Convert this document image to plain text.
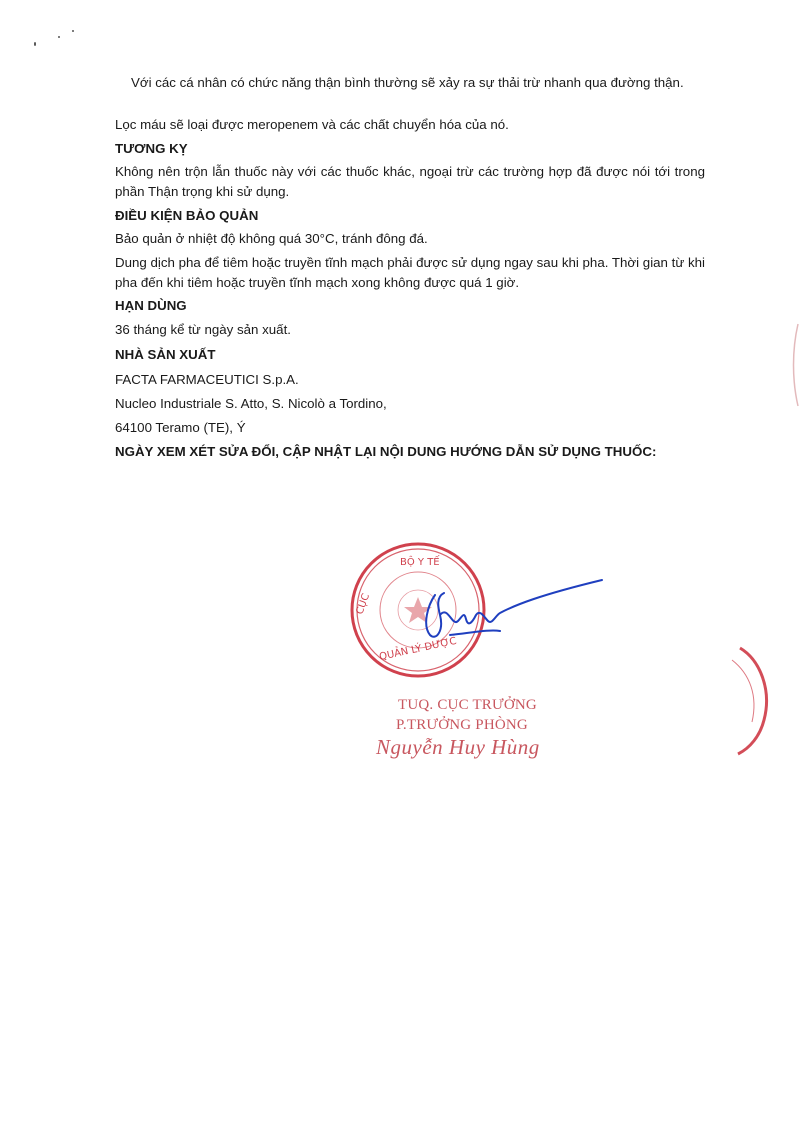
Với các cá nhân có chức năng thận bình thường sẽ xảy ra sự thải trừ nhanh qua đường thận.

Lọc máu sẽ loại được meropenem và các chất chuyển hóa của nó.

TƯƠNG KỴ

Không nên trộn lẫn thuốc này với các thuốc khác, ngoại trừ các trường hợp đã được nói tới trong phần Thận trọng khi sử dụng.

ĐIỀU KIỆN BẢO QUẢN

Bảo quản ở nhiệt độ không quá 30°C, tránh đông đá.

Dung dịch pha để tiêm hoặc truyền tĩnh mạch phải được sử dụng ngay sau khi pha. Thời gian từ khi pha đến khi tiêm hoặc truyền tĩnh mạch xong không được quá 1 giờ.

HẠN DÙNG

36 tháng kể từ ngày sản xuất.

NHÀ SẢN XUẤT

FACTA FARMACEUTICI S.p.A.

Nucleo Industriale S. Atto, S. Nicolò a Tordino,

64100 Teramo (TE), Ý

NGÀY XEM XÉT SỬA ĐỔI, CẬP NHẬT LẠI NỘI DUNG HƯỚNG DẪN SỬ DỤNG THUỐC:

BỘ Y TẾ
CỤC
QUẢN LÝ DƯỢC
TUQ. CỤC TRƯỞNG
P.TRƯỞNG PHÒNG
Nguyễn Huy Hùng
